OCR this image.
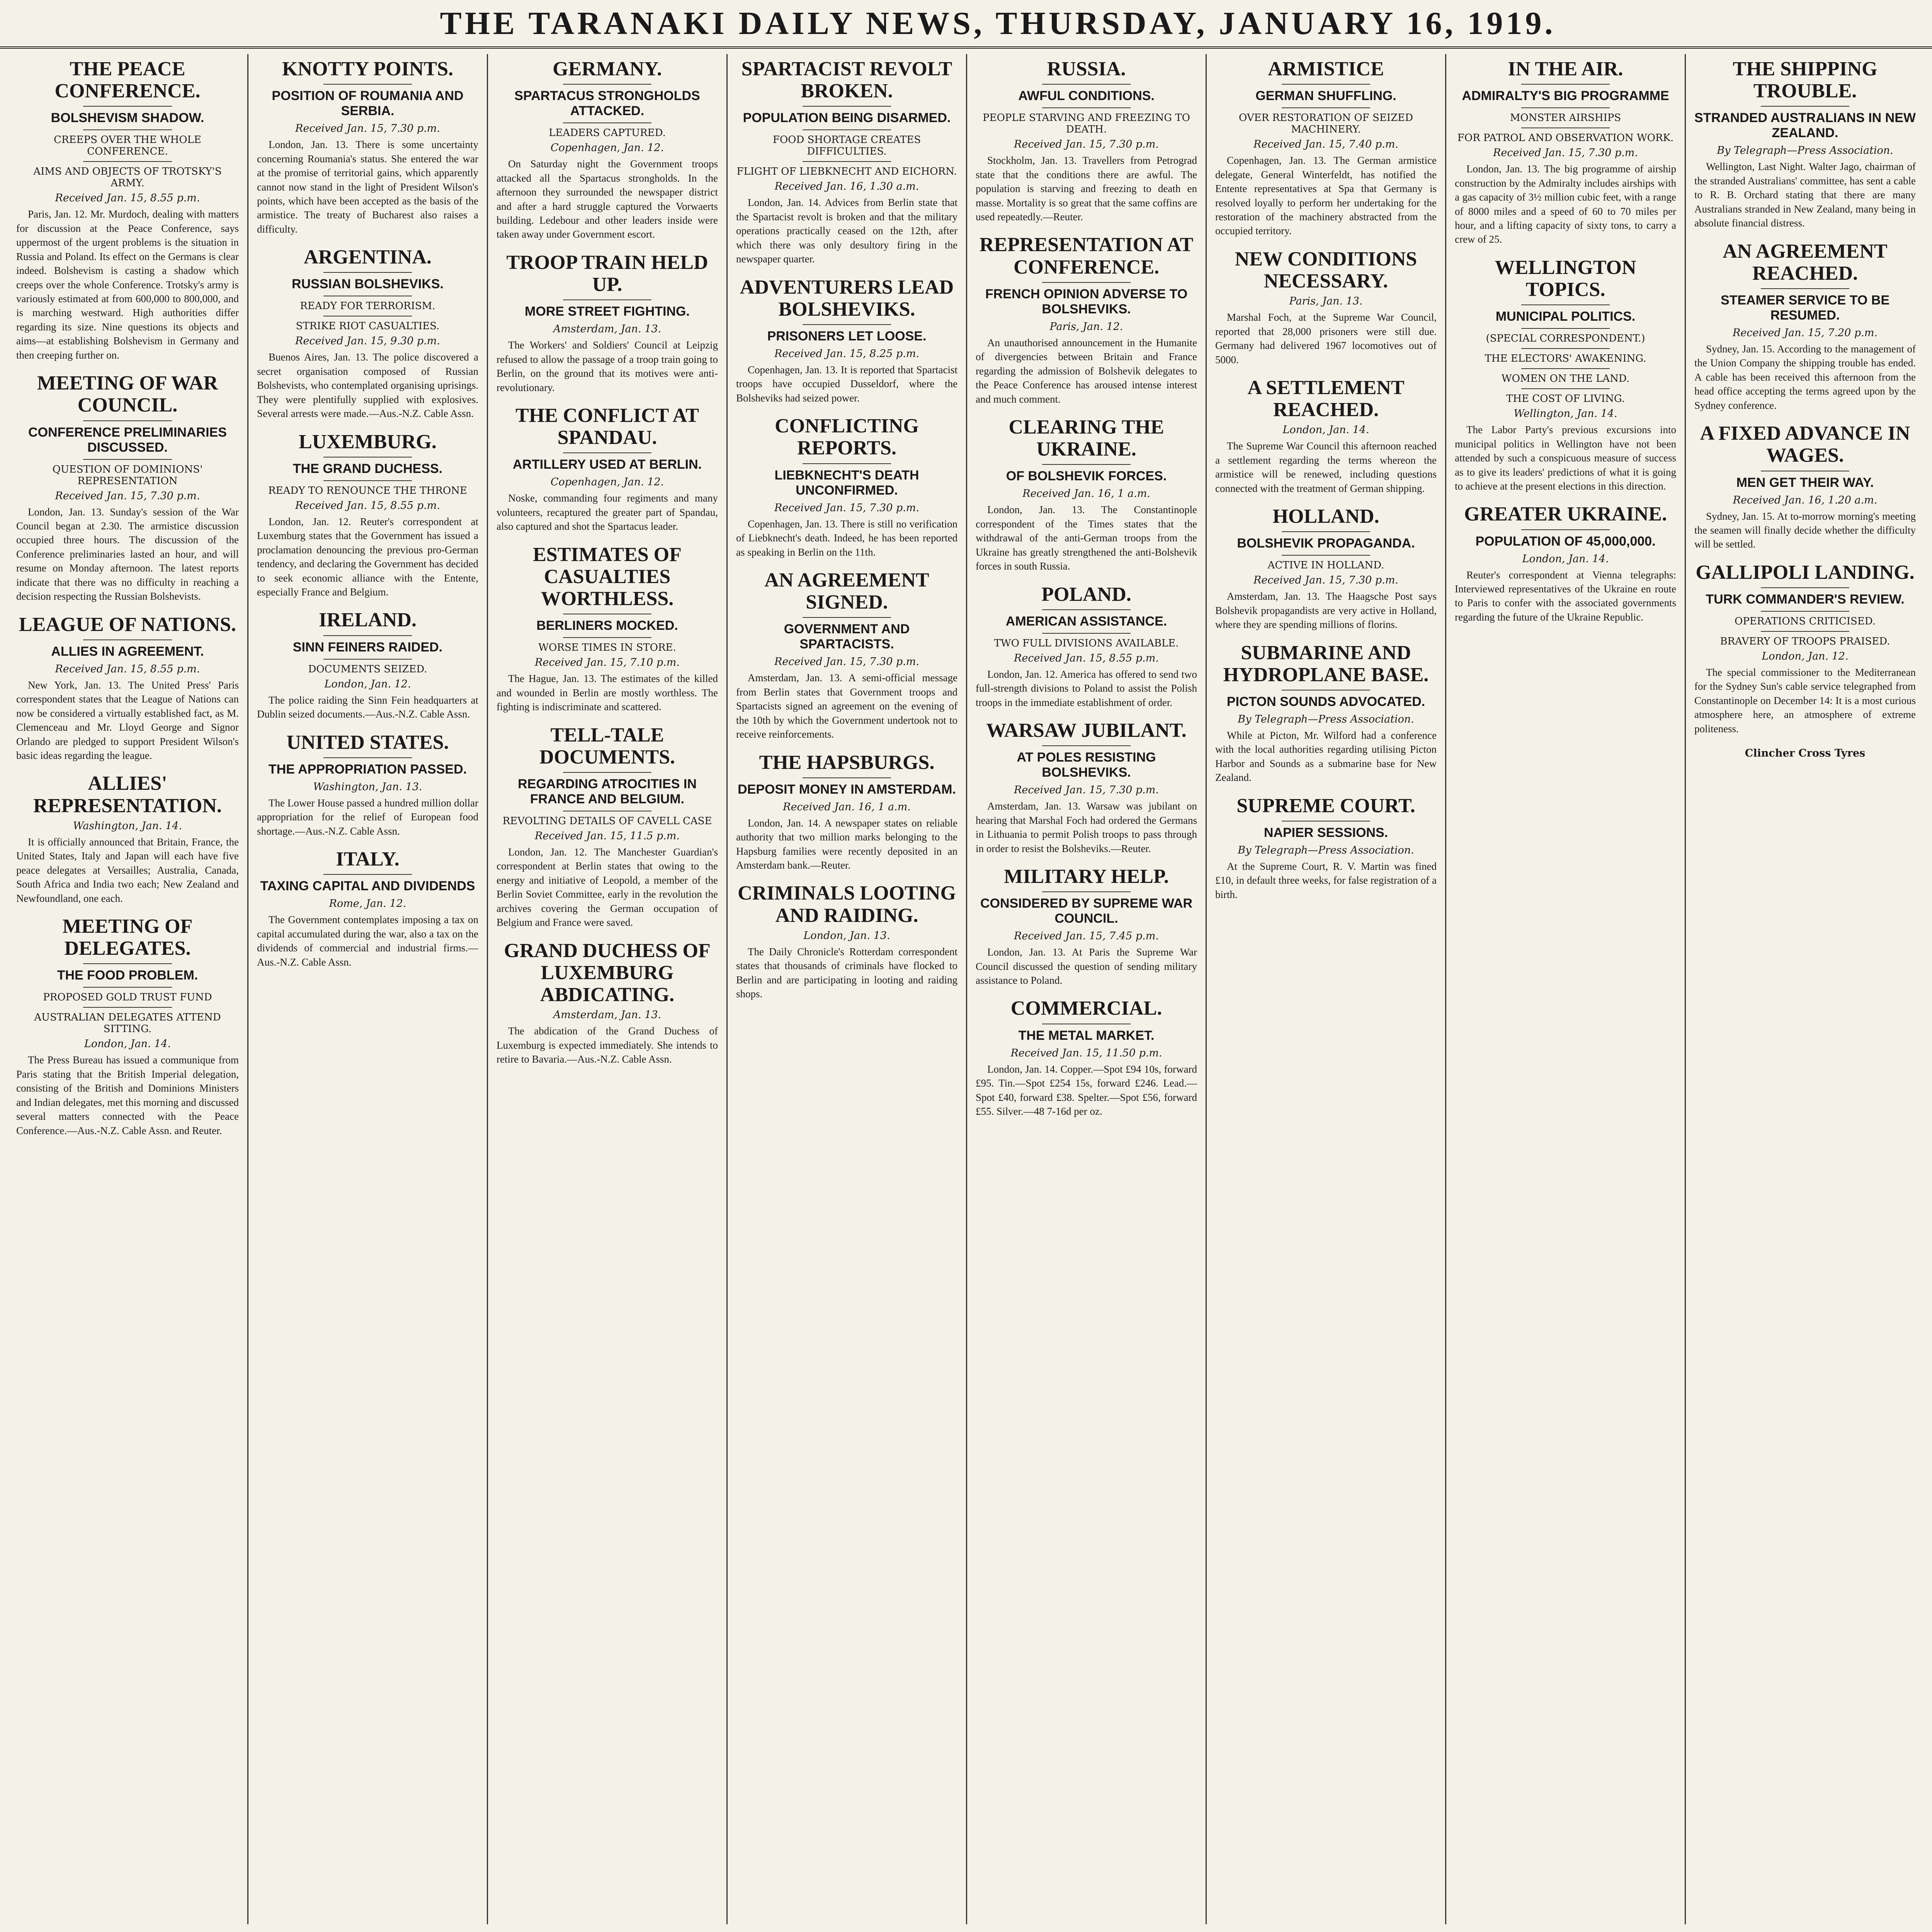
THE TARANAKI DAILY NEWS, THURSDAY, JANUARY 16, 1919.
THE PEACE CONFERENCE.
BOLSHEVISM SHADOW.
CREEPS OVER THE WHOLE CONFERENCE.
AIMS AND OBJECTS OF TROTSKY'S ARMY.
Received Jan. 15, 8.55 p.m.

Paris, Jan. 12. Mr. Murdoch, dealing with matters for discussion at the Peace Conference, says uppermost of the urgent problems is the situation in Russia and Poland. Its effect on the Germans is clear indeed. Bolshevism is casting a shadow which creeps over the whole Conference. Trotsky's army is variously estimated at from 600,000 to 800,000, and is marching westward. High authorities differ regarding its size. Nine questions its objects and aims—at establishing Bolshevism in Germany and then creeping further on.

MEETING OF WAR COUNCIL.
CONFERENCE PRELIMINARIES DISCUSSED.
QUESTION OF DOMINIONS' REPRESENTATION
Received Jan. 15, 7.30 p.m.

London, Jan. 13. Sunday's session of the War Council began at 2.30. The armistice discussion occupied three hours. The discussion of the Conference preliminaries lasted an hour, and will resume on Monday afternoon. The latest reports indicate that there was no difficulty in reaching a decision respecting the Russian Bolshevists.

LEAGUE OF NATIONS.
ALLIES IN AGREEMENT.
Received Jan. 15, 8.55 p.m.

New York, Jan. 13. The United Press' Paris correspondent states that the League of Nations can now be considered a virtually established fact, as M. Clemenceau and Mr. Lloyd George and Signor Orlando are pledged to support President Wilson's basic ideas regarding the league.

ALLIES' REPRESENTATION.
Washington, Jan. 14.

It is officially announced that Britain, France, the United States, Italy and Japan will each have five peace delegates at Versailles; Australia, Canada, South Africa and India two each; New Zealand and Newfoundland, one each.

MEETING OF DELEGATES.
THE FOOD PROBLEM.
PROPOSED GOLD TRUST FUND
AUSTRALIAN DELEGATES ATTEND SITTING.
London, Jan. 14.

The Press Bureau has issued a communique from Paris stating that the British Imperial delegation, consisting of the British and Dominions Ministers and Indian delegates, met this morning and discussed several matters connected with the Peace Conference.—Aus.-N.Z. Cable Assn. and Reuter.

KNOTTY POINTS.
POSITION OF ROUMANIA AND SERBIA.
Received Jan. 15, 7.30 p.m.

London, Jan. 13. There is some uncertainty concerning Roumania's status. She entered the war at the promise of territorial gains, which apparently cannot now stand in the light of President Wilson's points, which have been accepted as the basis of the armistice. The treaty of Bucharest also raises a difficulty.

ARGENTINA.
RUSSIAN BOLSHEVIKS.
READY FOR TERRORISM.
STRIKE RIOT CASUALTIES.
Received Jan. 15, 9.30 p.m.

Buenos Aires, Jan. 13. The police discovered a secret organisation composed of Russian Bolshevists, who contemplated organising uprisings. They were plentifully supplied with explosives. Several arrests were made.—Aus.-N.Z. Cable Assn.

LUXEMBURG.
THE GRAND DUCHESS.
READY TO RENOUNCE THE THRONE
Received Jan. 15, 8.55 p.m.

London, Jan. 12. Reuter's correspondent at Luxemburg states that the Government has issued a proclamation denouncing the previous pro-German tendency, and declaring the Government has decided to seek economic alliance with the Entente, especially France and Belgium.

IRELAND.
SINN FEINERS RAIDED.
DOCUMENTS SEIZED.
London, Jan. 12.

The police raiding the Sinn Fein headquarters at Dublin seized documents.—Aus.-N.Z. Cable Assn.

UNITED STATES.
THE APPROPRIATION PASSED.
Washington, Jan. 13.

The Lower House passed a hundred million dollar appropriation for the relief of European food shortage.—Aus.-N.Z. Cable Assn.

ITALY.
TAXING CAPITAL AND DIVIDENDS
Rome, Jan. 12.

The Government contemplates imposing a tax on capital accumulated during the war, also a tax on the dividends of commercial and industrial firms.—Aus.-N.Z. Cable Assn.

GERMANY.
SPARTACUS STRONGHOLDS ATTACKED.
LEADERS CAPTURED.
Copenhagen, Jan. 12.

On Saturday night the Government troops attacked all the Spartacus strongholds. In the afternoon they surrounded the newspaper district and after a hard struggle captured the Vorwaerts building. Ledebour and other leaders inside were taken away under Government escort.

TROOP TRAIN HELD UP.
MORE STREET FIGHTING.
Amsterdam, Jan. 13.

The Workers' and Soldiers' Council at Leipzig refused to allow the passage of a troop train going to Berlin, on the ground that its motives were anti-revolutionary.

THE CONFLICT AT SPANDAU.
ARTILLERY USED AT BERLIN.
Copenhagen, Jan. 12.

Noske, commanding four regiments and many volunteers, recaptured the greater part of Spandau, also captured and shot the Spartacus leader.

ESTIMATES OF CASUALTIES WORTHLESS.
BERLINERS MOCKED.
WORSE TIMES IN STORE.
Received Jan. 15, 7.10 p.m.

The Hague, Jan. 13. The estimates of the killed and wounded in Berlin are mostly worthless. The fighting is indiscriminate and scattered.

TELL-TALE DOCUMENTS.
REGARDING ATROCITIES IN FRANCE AND BELGIUM.
REVOLTING DETAILS OF CAVELL CASE
Received Jan. 15, 11.5 p.m.

London, Jan. 12. The Manchester Guardian's correspondent at Berlin states that owing to the energy and initiative of Leopold, a member of the Berlin Soviet Committee, early in the revolution the archives covering the German occupation of Belgium and France were saved.

GRAND DUCHESS OF LUXEMBURG ABDICATING.
Amsterdam, Jan. 13.

The abdication of the Grand Duchess of Luxemburg is expected immediately. She intends to retire to Bavaria.—Aus.-N.Z. Cable Assn.

SPARTACIST REVOLT BROKEN.
POPULATION BEING DISARMED.
FOOD SHORTAGE CREATES DIFFICULTIES.
FLIGHT OF LIEBKNECHT AND EICHORN.
Received Jan. 16, 1.30 a.m.

London, Jan. 14. Advices from Berlin state that the Spartacist revolt is broken and that the military operations practically ceased on the 12th, after which there was only desultory firing in the newspaper quarter.

ADVENTURERS LEAD BOLSHEVIKS.
PRISONERS LET LOOSE.
Received Jan. 15, 8.25 p.m.

Copenhagen, Jan. 13. It is reported that Spartacist troops have occupied Dusseldorf, where the Bolsheviks had seized power.

CONFLICTING REPORTS.
LIEBKNECHT'S DEATH UNCONFIRMED.
Received Jan. 15, 7.30 p.m.

Copenhagen, Jan. 13. There is still no verification of Liebknecht's death. Indeed, he has been reported as speaking in Berlin on the 11th.

AN AGREEMENT SIGNED.
GOVERNMENT AND SPARTACISTS.
Received Jan. 15, 7.30 p.m.

Amsterdam, Jan. 13. A semi-official message from Berlin states that Government troops and Spartacists signed an agreement on the evening of the 10th by which the Government undertook not to receive reinforcements.

THE HAPSBURGS.
DEPOSIT MONEY IN AMSTERDAM.
Received Jan. 16, 1 a.m.

London, Jan. 14. A newspaper states on reliable authority that two million marks belonging to the Hapsburg families were recently deposited in an Amsterdam bank.—Reuter.

CRIMINALS LOOTING AND RAIDING.
London, Jan. 13.

The Daily Chronicle's Rotterdam correspondent states that thousands of criminals have flocked to Berlin and are participating in looting and raiding shops.

RUSSIA.
AWFUL CONDITIONS.
PEOPLE STARVING AND FREEZING TO DEATH.
Received Jan. 15, 7.30 p.m.

Stockholm, Jan. 13. Travellers from Petrograd state that the conditions there are awful. The population is starving and freezing to death en masse. Mortality is so great that the same coffins are used repeatedly.—Reuter.

REPRESENTATION AT CONFERENCE.
FRENCH OPINION ADVERSE TO BOLSHEVIKS.
Paris, Jan. 12.

An unauthorised announcement in the Humanite of divergencies between Britain and France regarding the admission of Bolshevik delegates to the Peace Conference has aroused intense interest and much comment.

CLEARING THE UKRAINE.
OF BOLSHEVIK FORCES.
Received Jan. 16, 1 a.m.

London, Jan. 13. The Constantinople correspondent of the Times states that the withdrawal of the anti-German troops from the Ukraine has greatly strengthened the anti-Bolshevik forces in south Russia.

POLAND.
AMERICAN ASSISTANCE.
TWO FULL DIVISIONS AVAILABLE.
Received Jan. 15, 8.55 p.m.

London, Jan. 12. America has offered to send two full-strength divisions to Poland to assist the Polish troops in the immediate establishment of order.

WARSAW JUBILANT.
AT POLES RESISTING BOLSHEVIKS.
Received Jan. 15, 7.30 p.m.

Amsterdam, Jan. 13. Warsaw was jubilant on hearing that Marshal Foch had ordered the Germans in Lithuania to permit Polish troops to pass through in order to resist the Bolsheviks.—Reuter.

MILITARY HELP.
CONSIDERED BY SUPREME WAR COUNCIL.
Received Jan. 15, 7.45 p.m.

London, Jan. 13. At Paris the Supreme War Council discussed the question of sending military assistance to Poland.

COMMERCIAL.
THE METAL MARKET.
Received Jan. 15, 11.50 p.m.

London, Jan. 14. Copper.—Spot £94 10s, forward £95. Tin.—Spot £254 15s, forward £246. Lead.—Spot £40, forward £38. Spelter.—Spot £56, forward £55. Silver.—48 7-16d per oz.

ARMISTICE
GERMAN SHUFFLING.
OVER RESTORATION OF SEIZED MACHINERY.
Received Jan. 15, 7.40 p.m.

Copenhagen, Jan. 13. The German armistice delegate, General Winterfeldt, has notified the Entente representatives at Spa that Germany is resolved loyally to perform her undertaking for the restoration of the machinery abstracted from the occupied territory.

NEW CONDITIONS NECESSARY.
Paris, Jan. 13.

Marshal Foch, at the Supreme War Council, reported that 28,000 prisoners were still due. Germany had delivered 1967 locomotives out of 5000.

A SETTLEMENT REACHED.
London, Jan. 14.

The Supreme War Council this afternoon reached a settlement regarding the terms whereon the armistice will be renewed, including questions connected with the treatment of German shipping.

HOLLAND.
BOLSHEVIK PROPAGANDA.
ACTIVE IN HOLLAND.
Received Jan. 15, 7.30 p.m.

Amsterdam, Jan. 13. The Haagsche Post says Bolshevik propagandists are very active in Holland, where they are spending millions of florins.

SUBMARINE AND HYDROPLANE BASE.
PICTON SOUNDS ADVOCATED.
By Telegraph—Press Association.

While at Picton, Mr. Wilford had a conference with the local authorities regarding utilising Picton Harbor and Sounds as a submarine base for New Zealand.

SUPREME COURT.
NAPIER SESSIONS.
By Telegraph—Press Association.

At the Supreme Court, R. V. Martin was fined £10, in default three weeks, for false registration of a birth.

IN THE AIR.
ADMIRALTY'S BIG PROGRAMME
MONSTER AIRSHIPS
FOR PATROL AND OBSERVATION WORK.
Received Jan. 15, 7.30 p.m.

London, Jan. 13. The big programme of airship construction by the Admiralty includes airships with a gas capacity of 3½ million cubic feet, with a range of 8000 miles and a speed of 60 to 70 miles per hour, and a lifting capacity of sixty tons, to carry a crew of 25.

WELLINGTON TOPICS.
MUNICIPAL POLITICS.
(SPECIAL CORRESPONDENT.)
THE ELECTORS' AWAKENING.
WOMEN ON THE LAND.
THE COST OF LIVING.
Wellington, Jan. 14.

The Labor Party's previous excursions into municipal politics in Wellington have not been attended by such a conspicuous measure of success as to give its leaders' predictions of what it is going to achieve at the present elections in this direction.

GREATER UKRAINE.
POPULATION OF 45,000,000.
London, Jan. 14.

Reuter's correspondent at Vienna telegraphs: Interviewed representatives of the Ukraine en route to Paris to confer with the associated governments regarding the future of the Ukraine Republic.

THE SHIPPING TROUBLE.
STRANDED AUSTRALIANS IN NEW ZEALAND.
By Telegraph—Press Association.

Wellington, Last Night. Walter Jago, chairman of the stranded Australians' committee, has sent a cable to R. B. Orchard stating that there are many Australians stranded in New Zealand, many being in absolute financial distress.

AN AGREEMENT REACHED.
STEAMER SERVICE TO BE RESUMED.
Received Jan. 15, 7.20 p.m.

Sydney, Jan. 15. According to the management of the Union Company the shipping trouble has ended. A cable has been received this afternoon from the head office accepting the terms agreed upon by the Sydney conference.

A FIXED ADVANCE IN WAGES.
MEN GET THEIR WAY.
Received Jan. 16, 1.20 a.m.

Sydney, Jan. 15. At to-morrow morning's meeting the seamen will finally decide whether the difficulty will be settled.

GALLIPOLI LANDING.
TURK COMMANDER'S REVIEW.
OPERATIONS CRITICISED.
BRAVERY OF TROOPS PRAISED.
London, Jan. 12.

The special commissioner to the Mediterranean for the Sydney Sun's cable service telegraphed from Constantinople on December 14: It is a most curious atmosphere here, an atmosphere of extreme politeness.

Clincher Cross Tyres
